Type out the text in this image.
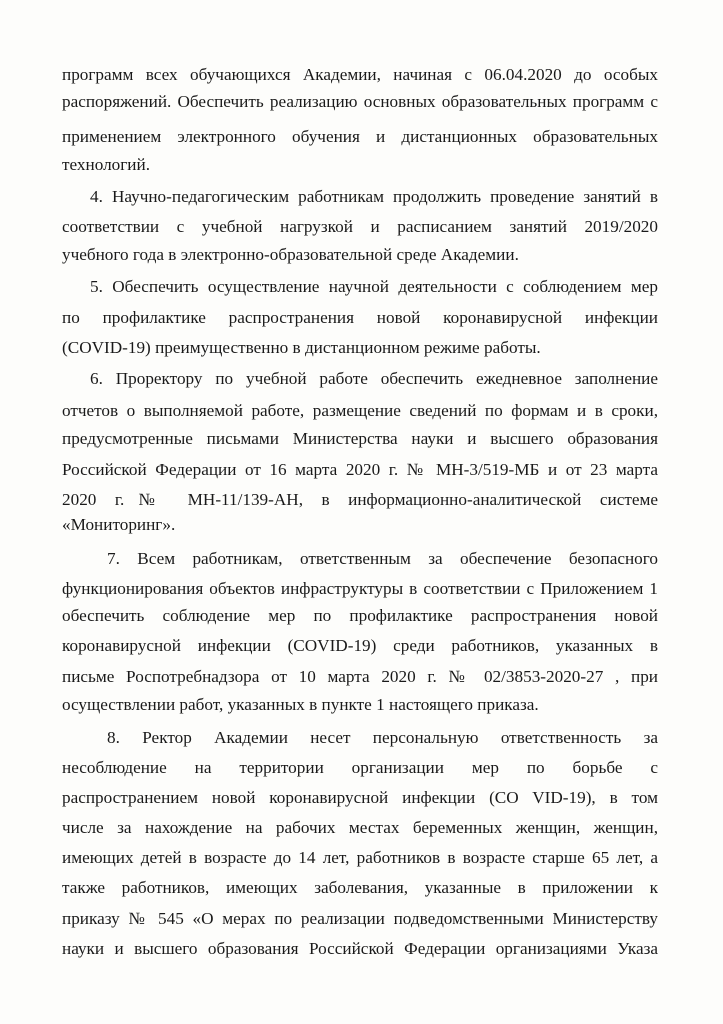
программ всех обучающихся Академии, начиная с 06.04.2020 до особых
распоряжений. Обеспечить реализацию основных образовательных программ с
применением электронного обучения и дистанционных образовательных
технологий.
4. Научно-педагогическим работникам продолжить проведение занятий в
соответствии с учебной нагрузкой и расписанием занятий 2019/2020
учебного года в электронно-образовательной среде Академии.
5. Обеспечить осуществление научной деятельности с соблюдением мер
по профилактике распространения новой коронавирусной инфекции
(COVID-19) преимущественно в дистанционном режиме работы.
6. Проректору по учебной работе обеспечить ежедневное заполнение
отчетов о выполняемой работе, размещение сведений по формам и в сроки,
предусмотренные письмами Министерства науки и высшего образования
Российской Федерации от 16 марта 2020 г. № МН-3/519-МБ и от 23 марта
2020 г.№ МН-11/139-АН, в информационно-аналитической системе
«Мониторинг».
7. Всем работникам, ответственным за обеспечение безопасного
функционирования объектов инфраструктуры в соответствии с Приложением 1
обеспечить соблюдение мер по профилактике распространения новой
коронавирусной инфекции (COVID-19) среди работников, указанных в
письме Роспотребнадзора от 10 марта 2020 г. № 02/3853-2020-27 , при
осуществлении работ, указанных в пункте 1 настоящего приказа.
8. Ректор Академии несет персональную ответственность за
несоблюдение на территории организации мер по борьбе с
распространением новой коронавирусной инфекции (CO VID-19), в том
числе за нахождение на рабочих местах беременных женщин, женщин,
имеющих детей в возрасте до 14 лет, работников в возрасте старше 65 лет, а
также работников, имеющих заболевания, указанные в приложении к
приказу № 545 «О мерах по реализации подведомственными Министерству
науки и высшего образования Российской Федерации организациями Указа
